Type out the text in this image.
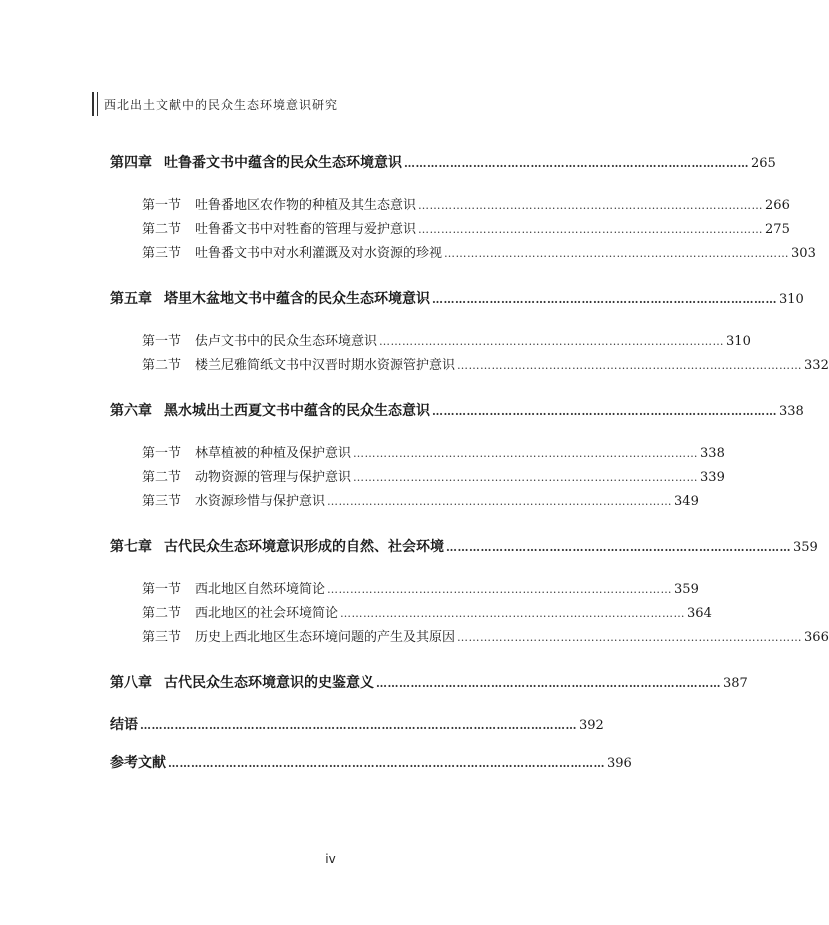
西北出土文献中的民众生态环境意识研究
第四章 吐鲁番文书中蕴含的民众生态环境意识 ……………………………………………………………………………… 265
第一节 吐鲁番地区农作物的种植及其生态意识 ……………………………………………………………………………… 266
第二节 吐鲁番文书中对牲畜的管理与爱护意识 ……………………………………………………………………………… 275
第三节 吐鲁番文书中对水利灌溉及对水资源的珍视 ……………………………………………………………………………… 303
第五章 塔里木盆地文书中蕴含的民众生态环境意识 ……………………………………………………………………………… 310
第一节 佉卢文书中的民众生态环境意识 ……………………………………………………………………………… 310
第二节 楼兰尼雅简纸文书中汉晋时期水资源管护意识 ……………………………………………………………………………… 332
第六章 黑水城出土西夏文书中蕴含的民众生态意识 ……………………………………………………………………………… 338
第一节 林草植被的种植及保护意识 ……………………………………………………………………………… 338
第二节 动物资源的管理与保护意识 ……………………………………………………………………………… 339
第三节 水资源珍惜与保护意识 ……………………………………………………………………………… 349
第七章 古代民众生态环境意识形成的自然、社会环境 ……………………………………………………………………………… 359
第一节 西北地区自然环境简论 ……………………………………………………………………………… 359
第二节 西北地区的社会环境简论 ……………………………………………………………………………… 364
第三节 历史上西北地区生态环境问题的产生及其原因 ……………………………………………………………………………… 366
第八章 古代民众生态环境意识的史鉴意义 ……………………………………………………………………………… 387
结语 …………………………………………………………………………………………………… 392
参考文献 …………………………………………………………………………………………………… 396
iv
